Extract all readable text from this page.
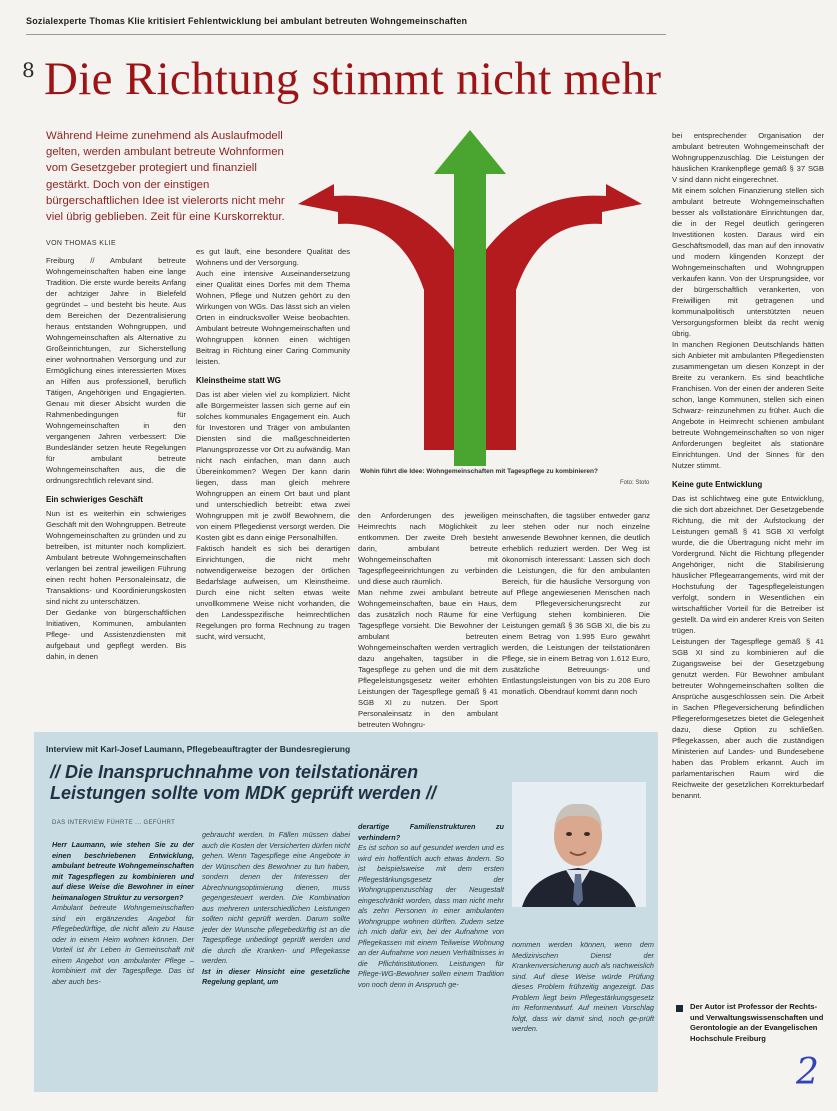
Sozialexperte Thomas Klie kritisiert Fehlentwicklung bei ambulant betreuten Wohngemeinschaften
8 Die Richtung stimmt nicht mehr
Während Heime zunehmend als Auslaufmodell gelten, werden ambulant betreute Wohnformen vom Gesetzgeber protegiert und finanziell gestärkt. Doch von der einstigen bürgerschaftlichen Idee ist vielerorts nicht mehr viel übrig geblieben. Zeit für eine Kurskorrektur.
VON THOMAS KLIE
Wohin führt die Idee: Wohngemeinschaften mit Tagespflege zu kombinieren?
Foto: Stoto

Freiburg // Ambulant betreute Wohngemeinschaften haben eine lange Tradition. Die erste wurde bereits Anfang der achtziger Jahre in Bielefeld gegründet – und besteht bis heute. Aus dem Bereichen der Dezentralisierung heraus entstanden Wohngruppen, und Wohngemeinschaften als Alternative zu Großeinrichtungen, zur Sicherstellung einer wohnortnahen Versorgung und zur Ermöglichung eines interessierten Mixes an Hilfen aus professionell, beruflich Tätigen, Angehörigen und Engagierten. Genau mit dieser Absicht wurden die Rahmenbedingungen für Wohngemeinschaften in den vergangenen Jahren verbessert: Die Bundesländer setzen heute Regelungen für ambulant betreute Wohngemeinschaften aus, die die ordnungsrechtlich relevant sind.

Ein schwieriges Geschäft

Nun ist es weiterhin ein schwieriges Geschäft mit den Wohngruppen. Betreute Wohngemeinschaften zu gründen und zu betreiben, ist mitunter noch kompliziert. Ambulant betreute Wohngemeinschaften verlangen bei zentral jeweiligen Führung einen recht hohen Personaleinsatz, die Transaktions- und Koordinierungskosten sind nicht zu unterschätzen.

Der Gedanke von bürgerschaftlichen Initiativen, Kommunen, ambulanten Pflege- und Assistenzdiensten mit aufgebaut und gepflegt werden. Bis dahin, in denen

es gut läuft, eine besondere Qualität des Wohnens und der Versorgung.

Auch eine intensive Auseinandersetzung einer Qualität eines Dorfes mit dem Thema Wohnen, Pflege und Nutzen gehört zu den Wirkungen von WGs. Das lässt sich an vielen Orten in eindrucksvoller Weise beobachten. Ambulant betreute Wohngemeinschaften und Wohngruppen können einen wichtigen Beitrag in Richtung einer Caring Community leisten.

Kleinstheime statt WG

Das ist aber vielen viel zu kompliziert. Nicht alle Bürgermeister lassen sich gerne auf ein solches kommunales Engagement ein. Auch für Investoren und Träger von ambulanten Diensten sind die maßgeschneiderten Planungsprozesse vor Ort zu aufwändig. Man nicht nach einfachen, man dann auch Übereinkommen? Wegen Der kann darin liegen, dass man gleich mehrere Wohngruppen an einem Ort baut und plant und unterschiedlich betreibt: etwa zwei Wohngruppen mit je zwölf Bewohnern, die von einem Pflegedienst versorgt werden. Die Kosten gibt es dann einige Personalhilfen.

Faktisch handelt es sich bei derartigen Einrichtungen, die nicht mehr notwendigerweise bezogen der örtlichen Bedarfslage aufweisen, um Kleinstheime. Durch eine nicht selten etwas weite unvollkommene Weise nicht vorhanden, die den Landesspezifische heimrechtlichen Regelungen pro forma Rechnung zu tragen sucht, wird versucht,

den Anforderungen des jeweiligen Heimrechts nach Möglichkeit zu entkommen. Der zweite Dreh besteht darin, ambulant betreute Wohngemeinschaften mit Tagespflegeeinrichtungen zu verbinden und diese auch räumlich.

Man nehme zwei ambulant betreute Wohngemeinschaften, baue ein Haus, das zusätzlich noch Räume für eine Tagespflege vorsieht. Die Bewohner der ambulant betreuten Wohngemeinschaften werden vertraglich dazu angehalten, tagsüber in die Tagespflege zu gehen und die mit dem Pflegeleistungsgesetz weiter erhöhten Leistungen der Tagespflege gemäß § 41 SGB XI zu nutzen. Der Sport Personaleinsatz in den ambulant betreuten Wohngru-

meinschaften, die tagsüber entweder ganz leer stehen oder nur noch einzelne anwesende Bewohner kennen, die deutlich erheblich reduziert werden. Der Weg ist ökonomisch interessant: Lassen sich doch die Leistungen, die für den ambulanten Bereich, für die häusliche Versorgung von auf Pflege angewiesenen Menschen nach dem Pflegeversicherungsrecht zur Verfügung stehen kombinieren. Die Leistungen gemäß § 36 SGB XI, die bis zu einem Betrag von 1.995 Euro gewährt werden, die Leistungen der teilstationären Pflege, sie in einem Betrag von 1.612 Euro, zusätzliche Betreuungs- und Entlastungsleistungen von bis zu 208 Euro monatlich. Obendrauf kommt dann noch

bei entsprechender Organisation der ambulant betreuten Wohngemeinschaft der Wohngruppenzuschlag. Die Leistungen der häuslichen Krankenpflege gemäß § 37 SGB V sind dann nicht eingerechnet.

Mit einem solchen Finanzierung stellen sich ambulant betreute Wohngemeinschaften besser als vollstationäre Einrichtungen dar, die in der Regel deutlich geringeren Investitionen kosten. Daraus wird ein Geschäftsmodell, das man auf den innovativ und modern klingenden Konzept der Wohngemeinschaften und Wohngruppen verkaufen kann. Von der Ursprungsidee, vor der bürgerschaftlich verankerten, von Freiwilligen mit getragenen und kommunalpolitisch unterstützten neuen Versorgungsformen bleibt da recht wenig übrig.

In manchen Regionen Deutschlands hätten sich Anbieter mit ambulanten Pflegediensten zusammengetan um diesen Konzept in der Breite zu verankern. Es sind beachtliche Franchisen. Von der einen der anderen Seite schon, lange Kommunen, stellen sich einen Schwarz- reinzunehmen zu früher. Auch die Angebote in Heimrecht schienen ambulant betreute Wohngemeinschaften so von niger Anforderungen begleitet als stationäre Einrichtungen. Und der Sinnes für den Nutzer stimmt.

Keine gute Entwicklung

Das ist schlichtweg eine gute Entwicklung, die sich dort abzeichnet. Der Gesetzgebende Richtung, die mit der Aufstockung der Leistungen gemäß § 41 SGB XI verfolgt wurde, die die Übertragung nicht mehr im Vordergrund. Nicht die Richtung pflegender Angehöriger, nicht die Stabilisierung häuslicher Pflegearrangements, wird mit der Hochstufung der Tagespflegeleistungen verfolgt, sondern in Wesentlichen ein wirtschaftlicher Vorteil für die Betreiber ist gestellt. Da wird ein anderer Kreis von Seiten trügen.

Leistungen der Tagespflege gemäß § 41 SGB XI sind zu kombinieren auf die Zugangsweise bei der Gesetzgebung genutzt werden. Für Bewohner ambulant betreuter Wohngemeinschaften sollten die Ansprüche ausgeschlossen sein. Die Arbeit in Sachen Pflegeversicherung befindlichen Pflegereformgesetzes bietet die Gelegenheit dazu, diese Option zu schließen. Pflegekassen, aber auch die zuständigen Ministerien auf Landes- und Bundesebene haben das Problem erkannt. Auch im parlamentarischen Raum wird die Reichweite der gesetzlichen Korrekturbedarf benannt.

Interview mit Karl-Josef Laumann, Pflegebeauftragter der Bundesregierung
// Die Inanspruchnahme von teilstationären Leistungen sollte vom MDK geprüft werden //
DAS INTERVIEW FÜHRTE ... GEFÜHRT

Herr Laumann, wie stehen Sie zu der einen beschriebenen Entwicklung, ambulant betreute Wohngemeinschaften mit Tagespflegen zu kombinieren und auf diese Weise die Bewohner in einer heimanalogen Struktur zu versorgen?

Ambulant betreute Wohngemeinschaften sind ein ergänzendes Angebot für Pflegebedürftige, die nicht allein zu Hause oder in einem Heim wohnen können. Der Vorteil ist ihr Leben in Gemeinschaft mit einem Angebot von ambulanter Pflege – kombiniert mit der Tagespflege. Das ist aber auch bes-

gebraucht werden. In Fällen müssen dabei auch die Kosten der Versicherten dürfen nicht gehen. Wenn Tagespflege eine Angebote in der Wünschen des Bewohner zu tun haben, sondern denen der Interessen der Abrechnungsoptimierung dienen, muss gegengesteuert werden. Die Kombination aus mehreren unterschiedlichen Leistungen sollten nicht geprüft werden. Darum sollte jeder der Wunsche pflegebedürftig ist an die Tagespflege unbedingt geprüft werden und die durch die Kranken- und Pflegekasse werden.

Ist in dieser Hinsicht eine gesetzliche Regelung geplant, um

derartige Familienstrukturen zu verhindern?

Es ist schon so auf gesundet werden und es wird ein hoffentlich auch etwas ändern. So ist beispielsweise mit dem ersten Pflegestärkungsgesetz der Wohngruppenzuschlag der Neugestalt eingeschränkt worden, dass man nicht mehr als zehn Personen in einer ambulanten Wohngruppe wohnen dürften. Zudem setze ich mich dafür ein, bei der Aufnahme von Pflegekassen mit einem Teilweise Wohnung an der Aufnahme von neuen Verhältnisses in die Pflichtinstitutionen. Leistungen für Pflege-WG-Bewohner sollen einem Tradition von noch denn in Anspruch ge-

nommen werden können, wenn dem Medizinischen Dienst der Krankenversicherung auch als nachweislich sind. Auf diese Weise würde Prüfung dieses Problem frühzeitig angezeigt. Das Problem liegt beim Pflegestärkungsgesetz im Reformentwurf. Auf meinen Vorschlag folgt, dass wir damit sind, noch ge-prüft werden.

Der Autor ist Professor der Rechts- und Verwaltungswissenschaften und Gerontologie an der Evangelischen Hochschule Freiburg
2
